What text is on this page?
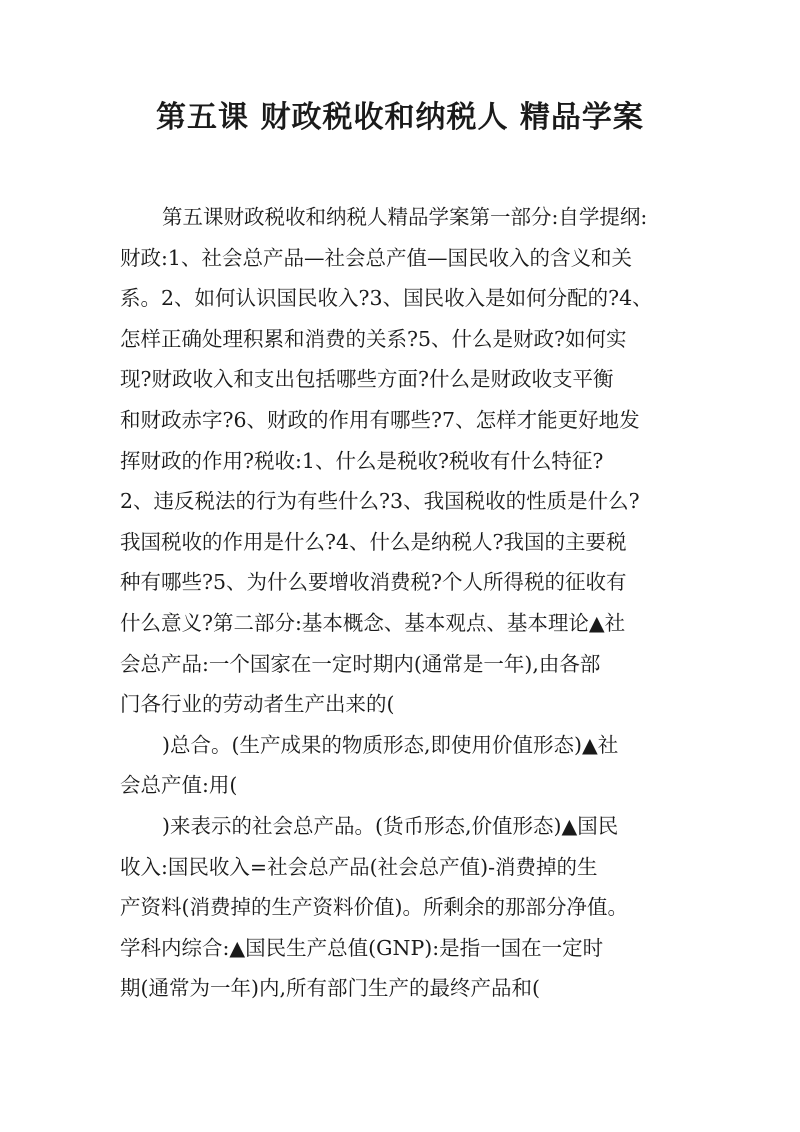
第五课 财政税收和纳税人 精品学案
第五课财政税收和纳税人精品学案第一部分:自学提纲:
财政:1、社会总产品—社会总产值—国民收入的含义和关
系。2、如何认识国民收入?3、国民收入是如何分配的?4、
怎样正确处理积累和消费的关系?5、什么是财政?如何实
现?财政收入和支出包括哪些方面?什么是财政收支平衡
和财政赤字?6、财政的作用有哪些?7、怎样才能更好地发
挥财政的作用?税收:1、什么是税收?税收有什么特征?
2、违反税法的行为有些什么?3、我国税收的性质是什么?
我国税收的作用是什么?4、什么是纳税人?我国的主要税
种有哪些?5、为什么要增收消费税?个人所得税的征收有
什么意义?第二部分:基本概念、基本观点、基本理论▲社
会总产品:一个国家在一定时期内(通常是一年),由各部
门各行业的劳动者生产出来的(
)总合。(生产成果的物质形态,即使用价值形态)▲社
会总产值:用(
)来表示的社会总产品。(货币形态,价值形态)▲国民
收入:国民收入=社会总产品(社会总产值)-消费掉的生
产资料(消费掉的生产资料价值)。所剩余的那部分净值。
学科内综合:▲国民生产总值(GNP):是指一国在一定时
期(通常为一年)内,所有部门生产的最终产品和(
